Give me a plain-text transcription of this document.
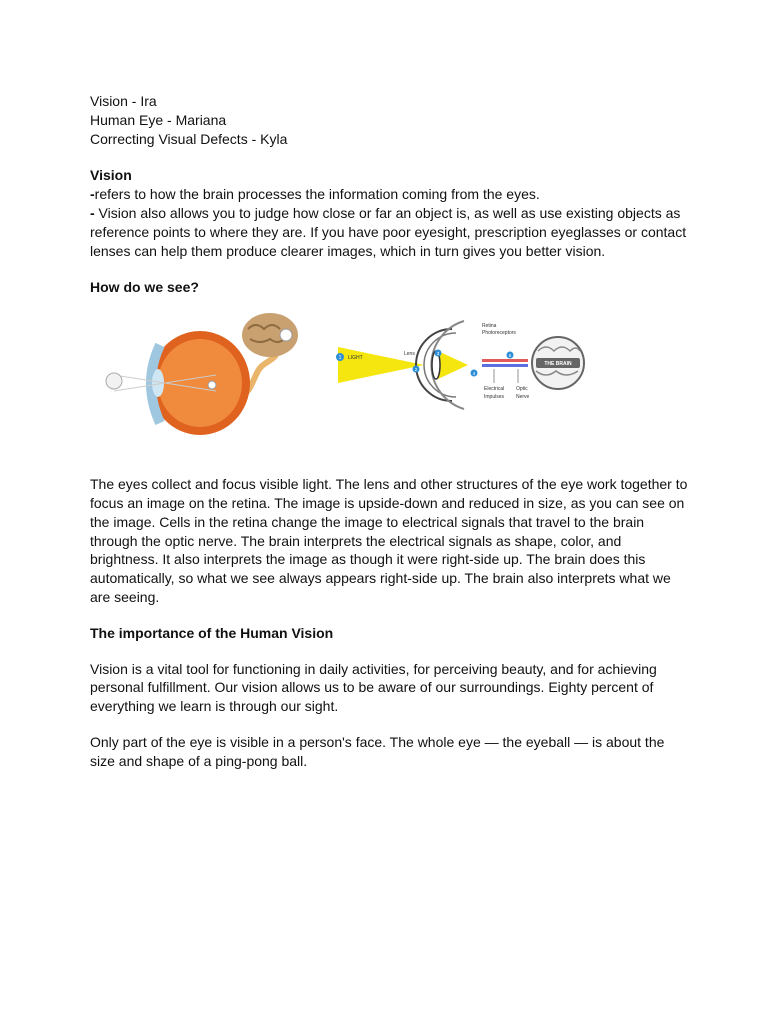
Vision - Ira
Human Eye - Mariana
Correcting Visual Defects - Kyla
Vision

-refers to how the brain processes the information coming from the eyes.

- Vision also allows you to judge how close or far an object is, as well as use existing objects as reference points to where they are. If you have poor eyesight, prescription eyeglasses or contact lenses can help them produce clearer images, which in turn gives you better vision.

How do we see?
1 LIGHT
Lens
Retina
Photoreceptors
2
3
4
5
Electrical
Impulses
Optic
Nerve
THE BRAIN

The eyes collect and focus visible light. The lens and other structures of the eye work together to focus an image on the retina. The image is upside-down and reduced in size, as you can see on the image. Cells in the retina change the image to electrical signals that travel to the brain through the optic nerve. The brain interprets the electrical signals as shape, color, and brightness. It also interprets the image as though it were right-side up. The brain does this automatically, so what we see always appears right-side up. The brain also interprets what we are seeing.

The importance of the Human Vision

Vision is a vital tool for functioning in daily activities, for perceiving beauty, and for achieving personal fulfillment. Our vision allows us to be aware of our surroundings. Eighty percent of everything we learn is through our sight.

Only part of the eye is visible in a person's face. The whole eye — the eyeball — is about the size and shape of a ping-pong ball.
